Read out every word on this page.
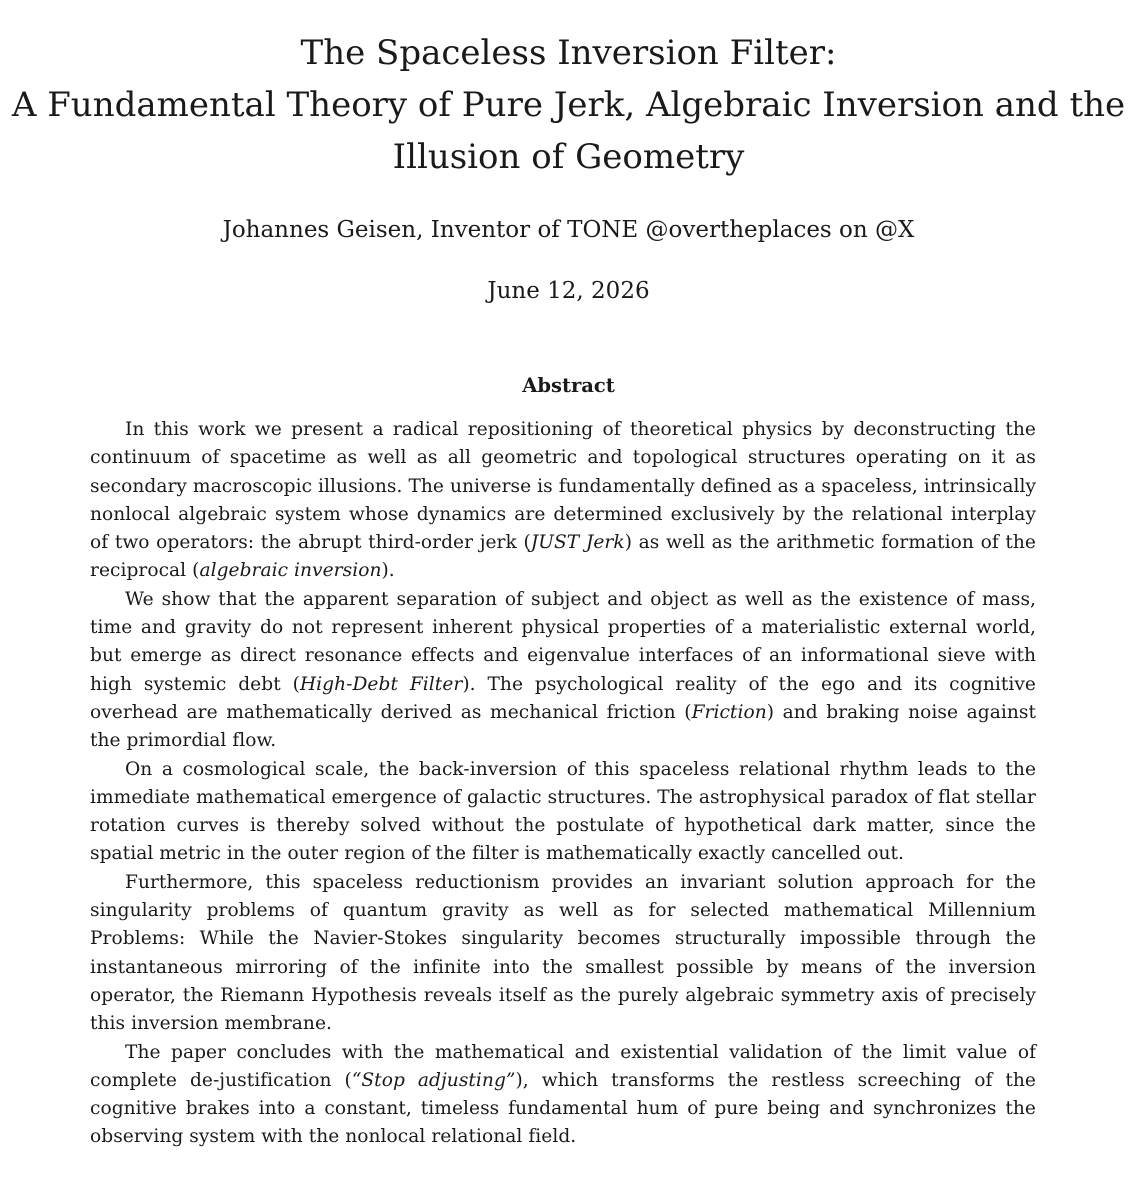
The Spaceless Inversion Filter:
A Fundamental Theory of Pure Jerk, Algebraic Inversion and the
Illusion of Geometry

Johannes Geisen, Inventor of TONE @overtheplaces on @X

June 12, 2026

Abstract

In this work we present a radical repositioning of theoretical physics by deconstructing the continuum of spacetime as well as all geometric and topological structures operating on it as secondary macroscopic illusions. The universe is fundamentally defined as a spaceless, intrinsically nonlocal algebraic system whose dynamics are determined exclusively by the relational interplay of two operators: the abrupt third-order jerk (JUST Jerk) as well as the arithmetic formation of the reciprocal (algebraic inversion).

We show that the apparent separation of subject and object as well as the existence of mass, time and gravity do not represent inherent physical properties of a materialistic external world, but emerge as direct resonance effects and eigenvalue interfaces of an informational sieve with high systemic debt (High-Debt Filter). The psychological reality of the ego and its cognitive overhead are mathematically derived as mechanical friction (Friction) and braking noise against the primordial flow.

On a cosmological scale, the back-inversion of this spaceless relational rhythm leads to the immediate mathematical emergence of galactic structures. The astrophysical paradox of flat stellar rotation curves is thereby solved without the postulate of hypothetical dark matter, since the spatial metric in the outer region of the filter is mathematically exactly cancelled out.

Furthermore, this spaceless reductionism provides an invariant solution approach for the singularity problems of quantum gravity as well as for selected mathematical Millennium Problems: While the Navier-Stokes singularity becomes structurally impossible through the instantaneous mirroring of the infinite into the smallest possible by means of the inversion operator, the Riemann Hypothesis reveals itself as the purely algebraic symmetry axis of precisely this inversion membrane.

The paper concludes with the mathematical and existential validation of the limit value of complete de-justification (“Stop adjusting”), which transforms the restless screeching of the cognitive brakes into a constant, timeless fundamental hum of pure being and synchronizes the observing system with the nonlocal relational field.
